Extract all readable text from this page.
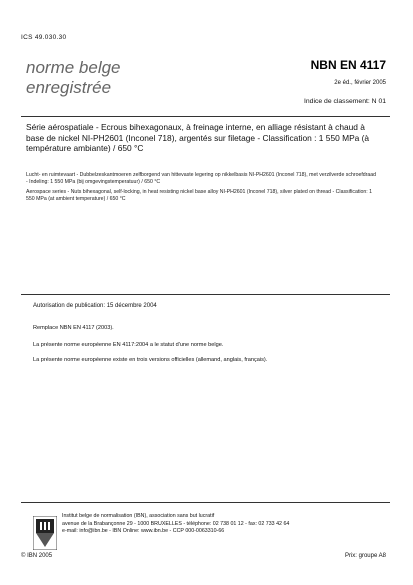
ICS 49.030.30
norme belge
enregistrée
NBN EN 4117
2e éd., février 2005
Indice de classement: N 01
Série aérospatiale - Ecrous bihexagonaux, à freinage interne, en alliage résistant à chaud à base de nickel NI-PH2601 (Inconel 718), argentés sur filetage - Classification : 1 550 MPa (à température ambiante) / 650 °C
Lucht- en ruimtevaart - Dubbelzeskantmoeren zelfborgend van hittevaste legering op nikkelbasis NI-PH2601 (Inconel 718), met verzilverde schroefdraad - Indeling: 1 550 MPa (bij omgevingstemperatuur) / 650 °C
Aerospace series - Nuts bihexagonal, self-locking, in heat resisting nickel base alloy NI-PH2601 (Inconel 718), silver plated on thread - Classification: 1 550 MPa (at ambient temperature) / 650 °C
Autorisation de publication: 15 décembre 2004
Remplace NBN EN 4117 (2003).
La présente norme européenne EN 4117:2004 a le statut d'une norme belge.
La présente norme européenne existe en trois versions officielles (allemand, anglais, français).
Institut belge de normalisation (IBN), association sans but lucratif
avenue de la Brabançonne 29 - 1000 BRUXELLES - téléphone: 02 738 01 12 - fax: 02 733 42 64
e-mail: info@ibn.be - IBN Online: www.ibn.be - CCP 000-0063310-66
© IBN 2005	Prix: groupe A8
